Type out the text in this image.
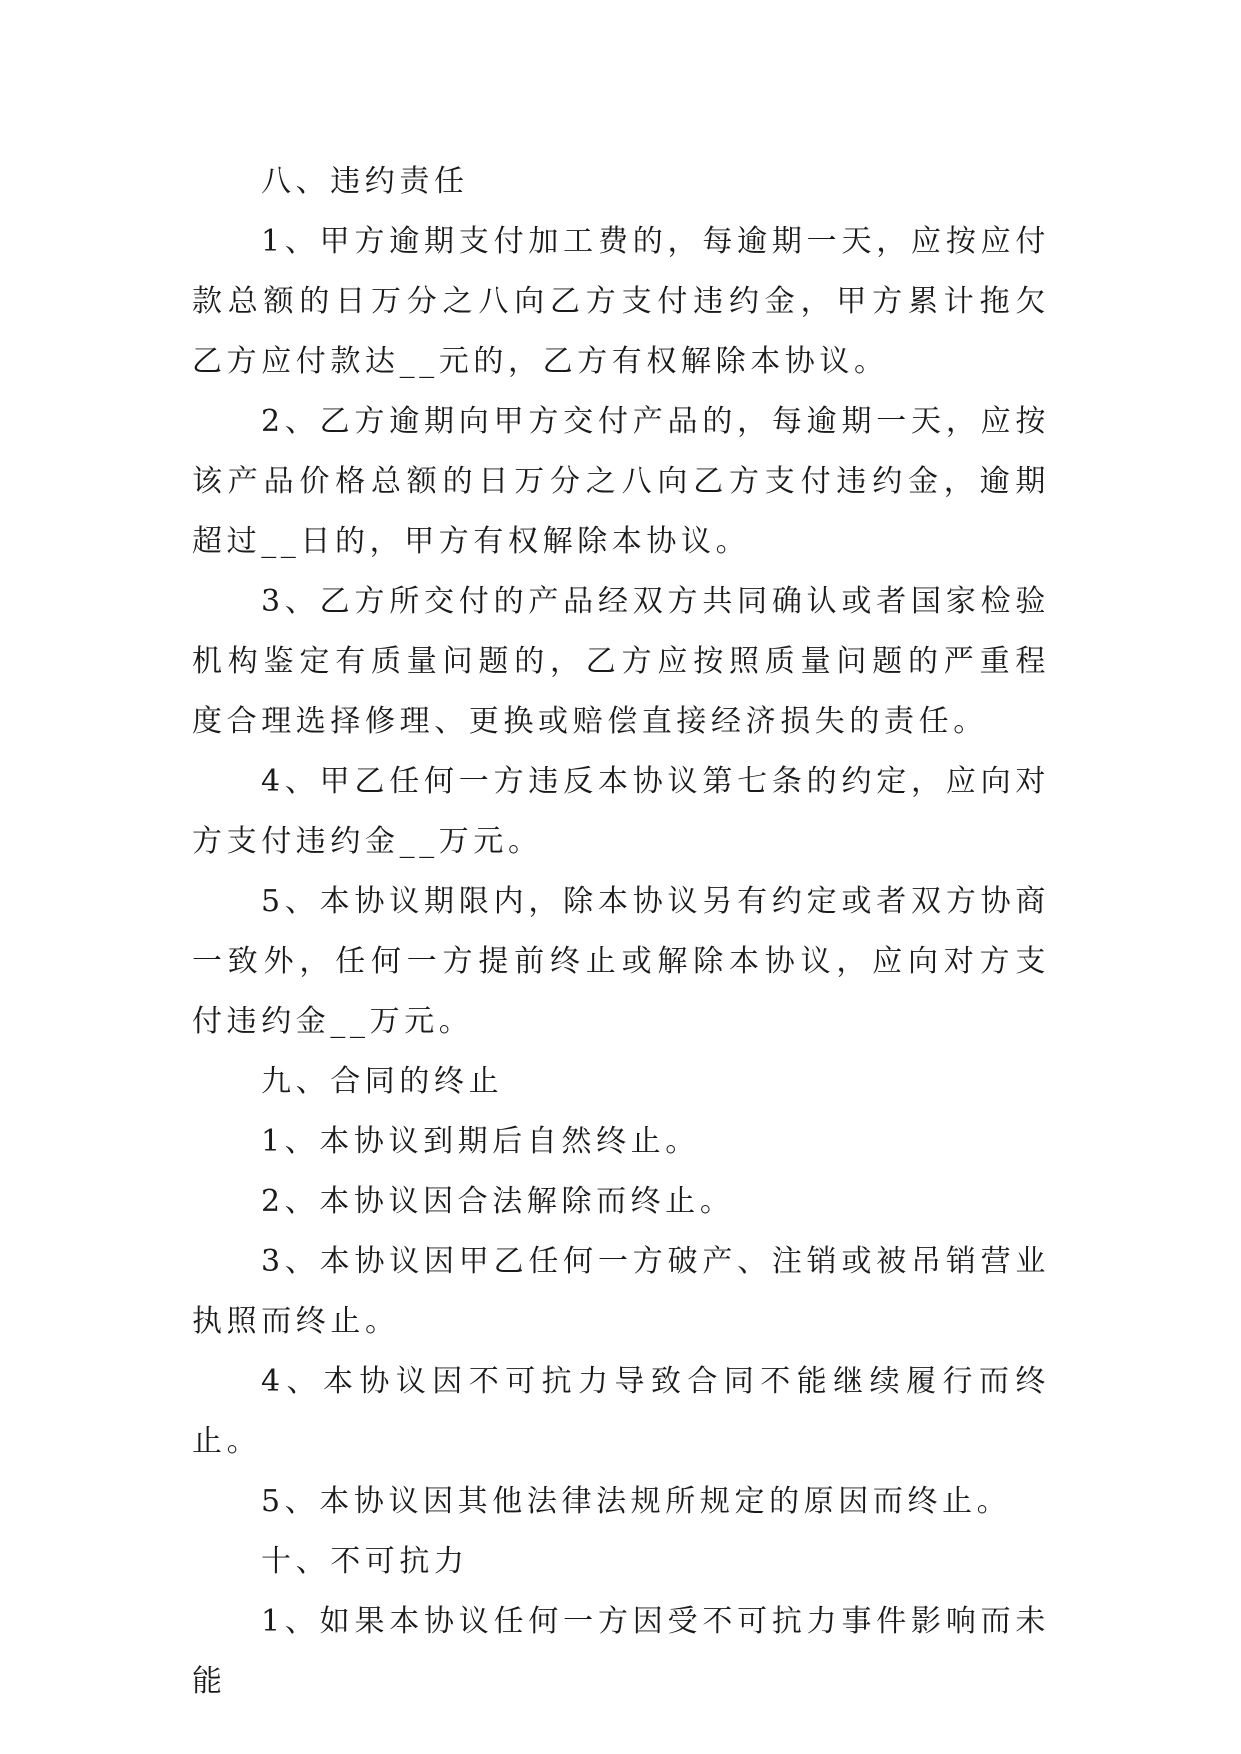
八、违约责任

1、甲方逾期支付加工费的，每逾期一天，应按应付款总额的日万分之八向乙方支付违约金，甲方累计拖欠乙方应付款达__元的，乙方有权解除本协议。

2、乙方逾期向甲方交付产品的，每逾期一天，应按该产品价格总额的日万分之八向乙方支付违约金，逾期超过__日的，甲方有权解除本协议。

3、乙方所交付的产品经双方共同确认或者国家检验机构鉴定有质量问题的，乙方应按照质量问题的严重程度合理选择修理、更换或赔偿直接经济损失的责任。

4、甲乙任何一方违反本协议第七条的约定，应向对方支付违约金__万元。

5、本协议期限内，除本协议另有约定或者双方协商一致外，任何一方提前终止或解除本协议，应向对方支付违约金__万元。

九、合同的终止

1、本协议到期后自然终止。

2、本协议因合法解除而终止。

3、本协议因甲乙任何一方破产、注销或被吊销营业执照而终止。

4、本协议因不可抗力导致合同不能继续履行而终止。

5、本协议因其他法律法规所规定的原因而终止。

十、不可抗力

1、如果本协议任何一方因受不可抗力事件影响而未能
